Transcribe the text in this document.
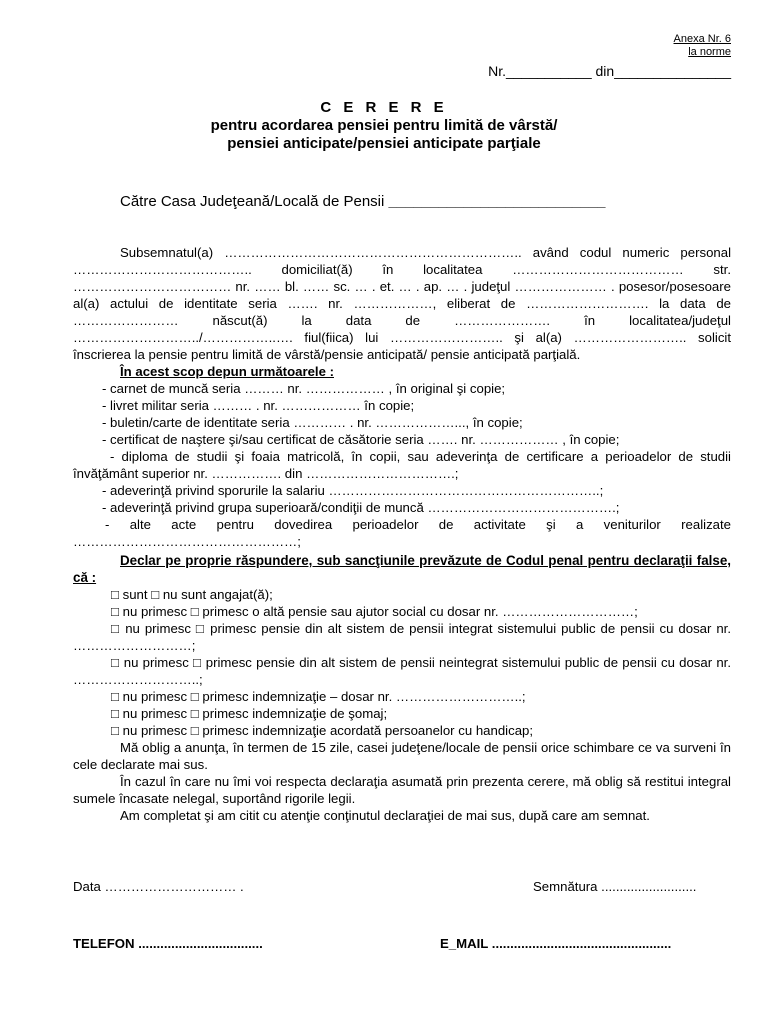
Anexa Nr. 6
la norme
Nr.___________ din_______________
C E R E R E
pentru acordarea pensiei pentru limită de vârstă/
pensiei anticipate/pensiei anticipate parţiale
Către Casa Judeţeană/Locală de Pensii __________________________

Subsemnatul(a) ………………………………………………………….. având codul numeric personal ………………………………….. domiciliat(ă) în localitatea ………………………………… str. ……………………………… nr. …… bl. …… sc. … . et. … . ap. … . judeţul ………………… . posesor/posesoare al(a) actului de identitate seria ……. nr. ………………, eliberat de ………………………. la data de …………………… născut(ă) la data de …………………. în localitatea/judeţul ………………………../……………..…. fiul(fiica) lui …………………….. şi al(a) …………………….. solicit înscrierea la pensie pentru limită de vârstă/pensie anticipată/ pensie anticipată parţială.

În acest scop depun următoarele :

- carnet de muncă seria ……… nr. ……………… , în original şi copie;

- livret militar seria ……… . nr. ……………… în copie;

- buletin/carte de identitate seria ………… . nr. ………………..., în copie;

- certificat de naştere şi/sau certificat de căsătorie seria ……. nr. ……………… , în copie;

- diploma de studii şi foaia matricolă, în copii, sau adeverinţa de certificare a perioadelor de studii învăţământ superior nr. ……………. din …………………………….;

- adeverinţă privind sporurile la salariu ……………………………………………………..;

- adeverinţă privind grupa superioară/condiţii de muncă …………………………………….;

- alte acte pentru dovedirea perioadelor de activitate şi a veniturilor realizate ……………………………………………;

Declar pe proprie răspundere, sub sancţiunile prevăzute de Codul penal pentru declaraţii false, că :

□ sunt □ nu sunt angajat(ă);

□ nu primesc □ primesc o altă pensie sau ajutor social cu dosar nr. …………………………;

□ nu primesc □ primesc pensie din alt sistem de pensii integrat sistemului public de pensii cu dosar nr. ………………………;

□ nu primesc □ primesc pensie din alt sistem de pensii neintegrat sistemului public de pensii cu dosar nr. ………………………..;

□ nu primesc □ primesc indemnizaţie – dosar nr. ………………………..;

□ nu primesc □ primesc indemnizaţie de şomaj;

□ nu primesc □ primesc indemnizaţie acordată persoanelor cu handicap;

Mă oblig a anunţa, în termen de 15 zile, casei judeţene/locale de pensii orice schimbare ce va surveni în cele declarate mai sus.

În cazul în care nu îmi voi respecta declaraţia asumată prin prezenta cerere, mă oblig să restitui integral sumele încasate nelegal, suportând rigorile legii.

Am completat şi am citit cu atenţie conţinutul declaraţiei de mai sus, după care am semnat.

Data ………………………… .	Semnătura ..........................
TELEFON ..................................	E_MAIL .................................................
